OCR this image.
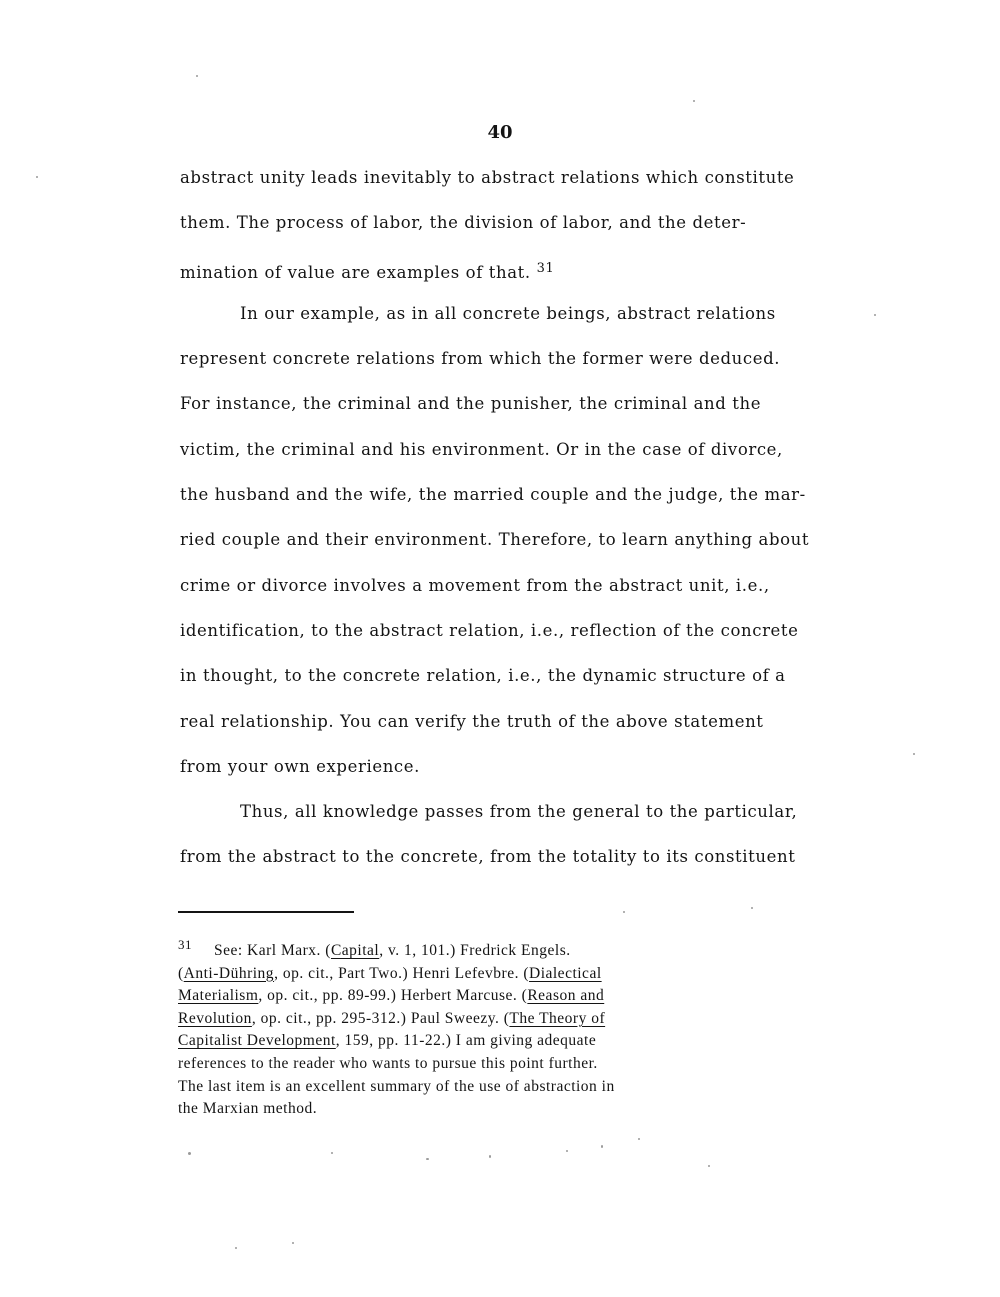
40
abstract unity leads inevitably to abstract relations which constitute
them. The process of labor, the division of labor, and the deter-
mination of value are examples of that. $^{31}$
In our example, as in all concrete beings, abstract relations
represent concrete relations from which the former were deduced.
For instance, the criminal and the punisher, the criminal and the
victim, the criminal and his environment. Or in the case of divorce,
the husband and the wife, the married couple and the judge, the mar-
ried couple and their environment. Therefore, to learn anything about
crime or divorce involves a movement from the abstract unit, i.e.,
identification, to the abstract relation, i.e., reflection of the concrete
in thought, to the concrete relation, i.e., the dynamic structure of a
real relationship. You can verify the truth of the above statement
from your own experience.
Thus, all knowledge passes from the general to the particular,
from the abstract to the concrete, from the totality to its constituent
$^{31}$ See: Karl Marx. (Capital, v. 1, 101.) Fredrick Engels.
(Anti-Dühring, op. cit., Part Two.) Henri Lefevbre. (Dialectical
Materialism, op. cit., pp. 89-99.) Herbert Marcuse. (Reason and
Revolution, op. cit., pp. 295-312.) Paul Sweezy. (The Theory of
Capitalist Development, 159, pp. 11-22.) I am giving adequate
references to the reader who wants to pursue this point further.
The last item is an excellent summary of the use of abstraction in
the Marxian method.
